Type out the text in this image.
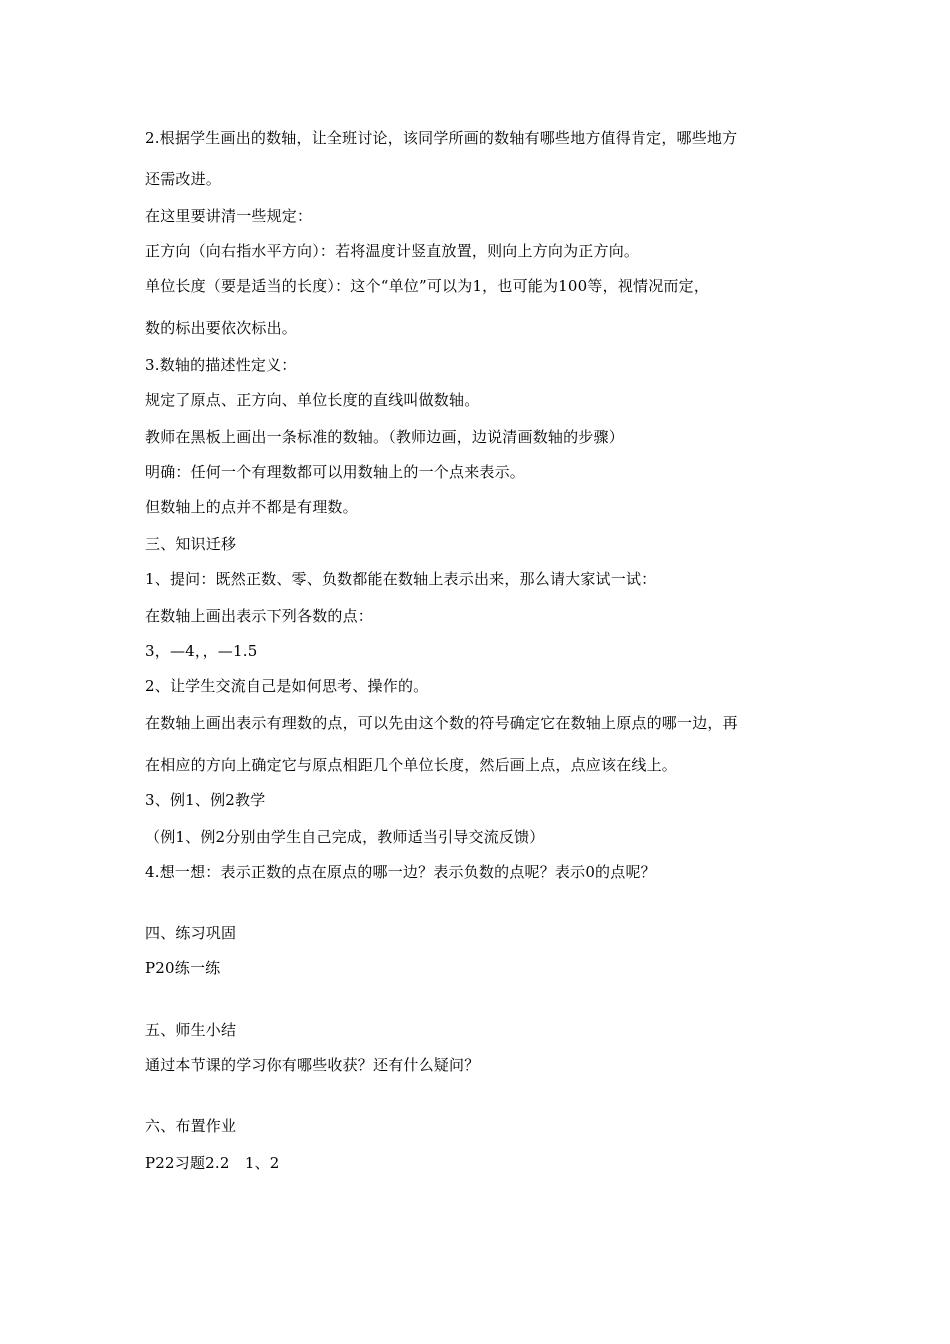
2.根据学生画出的数轴，让全班讨论，该同学所画的数轴有哪些地方值得肯定，哪些地方
还需改进。
在这里要讲清一些规定：
正方向（向右指水平方向）：若将温度计竖直放置，则向上方向为正方向。
单位长度（要是适当的长度）：这个“单位”可以为1，也可能为100等，视情况而定，
数的标出要依次标出。
3.数轴的描述性定义：
规定了原点、正方向、单位长度的直线叫做数轴。
教师在黑板上画出一条标准的数轴。（教师边画，边说清画数轴的步骤）
明确：任何一个有理数都可以用数轴上的一个点来表示。
但数轴上的点并不都是有理数。
三、知识迁移
1、提问：既然正数、零、负数都能在数轴上表示出来，那么请大家试一试：
在数轴上画出表示下列各数的点：
3，—4，，—1.5
2、让学生交流自己是如何思考、操作的。
在数轴上画出表示有理数的点，可以先由这个数的符号确定它在数轴上原点的哪一边，再
在相应的方向上确定它与原点相距几个单位长度，然后画上点，点应该在线上。
3、例1、例2教学
（例1、例2分别由学生自己完成，教师适当引导交流反馈）
4.想一想：表示正数的点在原点的哪一边？表示负数的点呢？表示0的点呢？
四、练习巩固
P20练一练
五、师生小结
通过本节课的学习你有哪些收获？还有什么疑问？
六、布置作业
P22习题2.2　1、2
